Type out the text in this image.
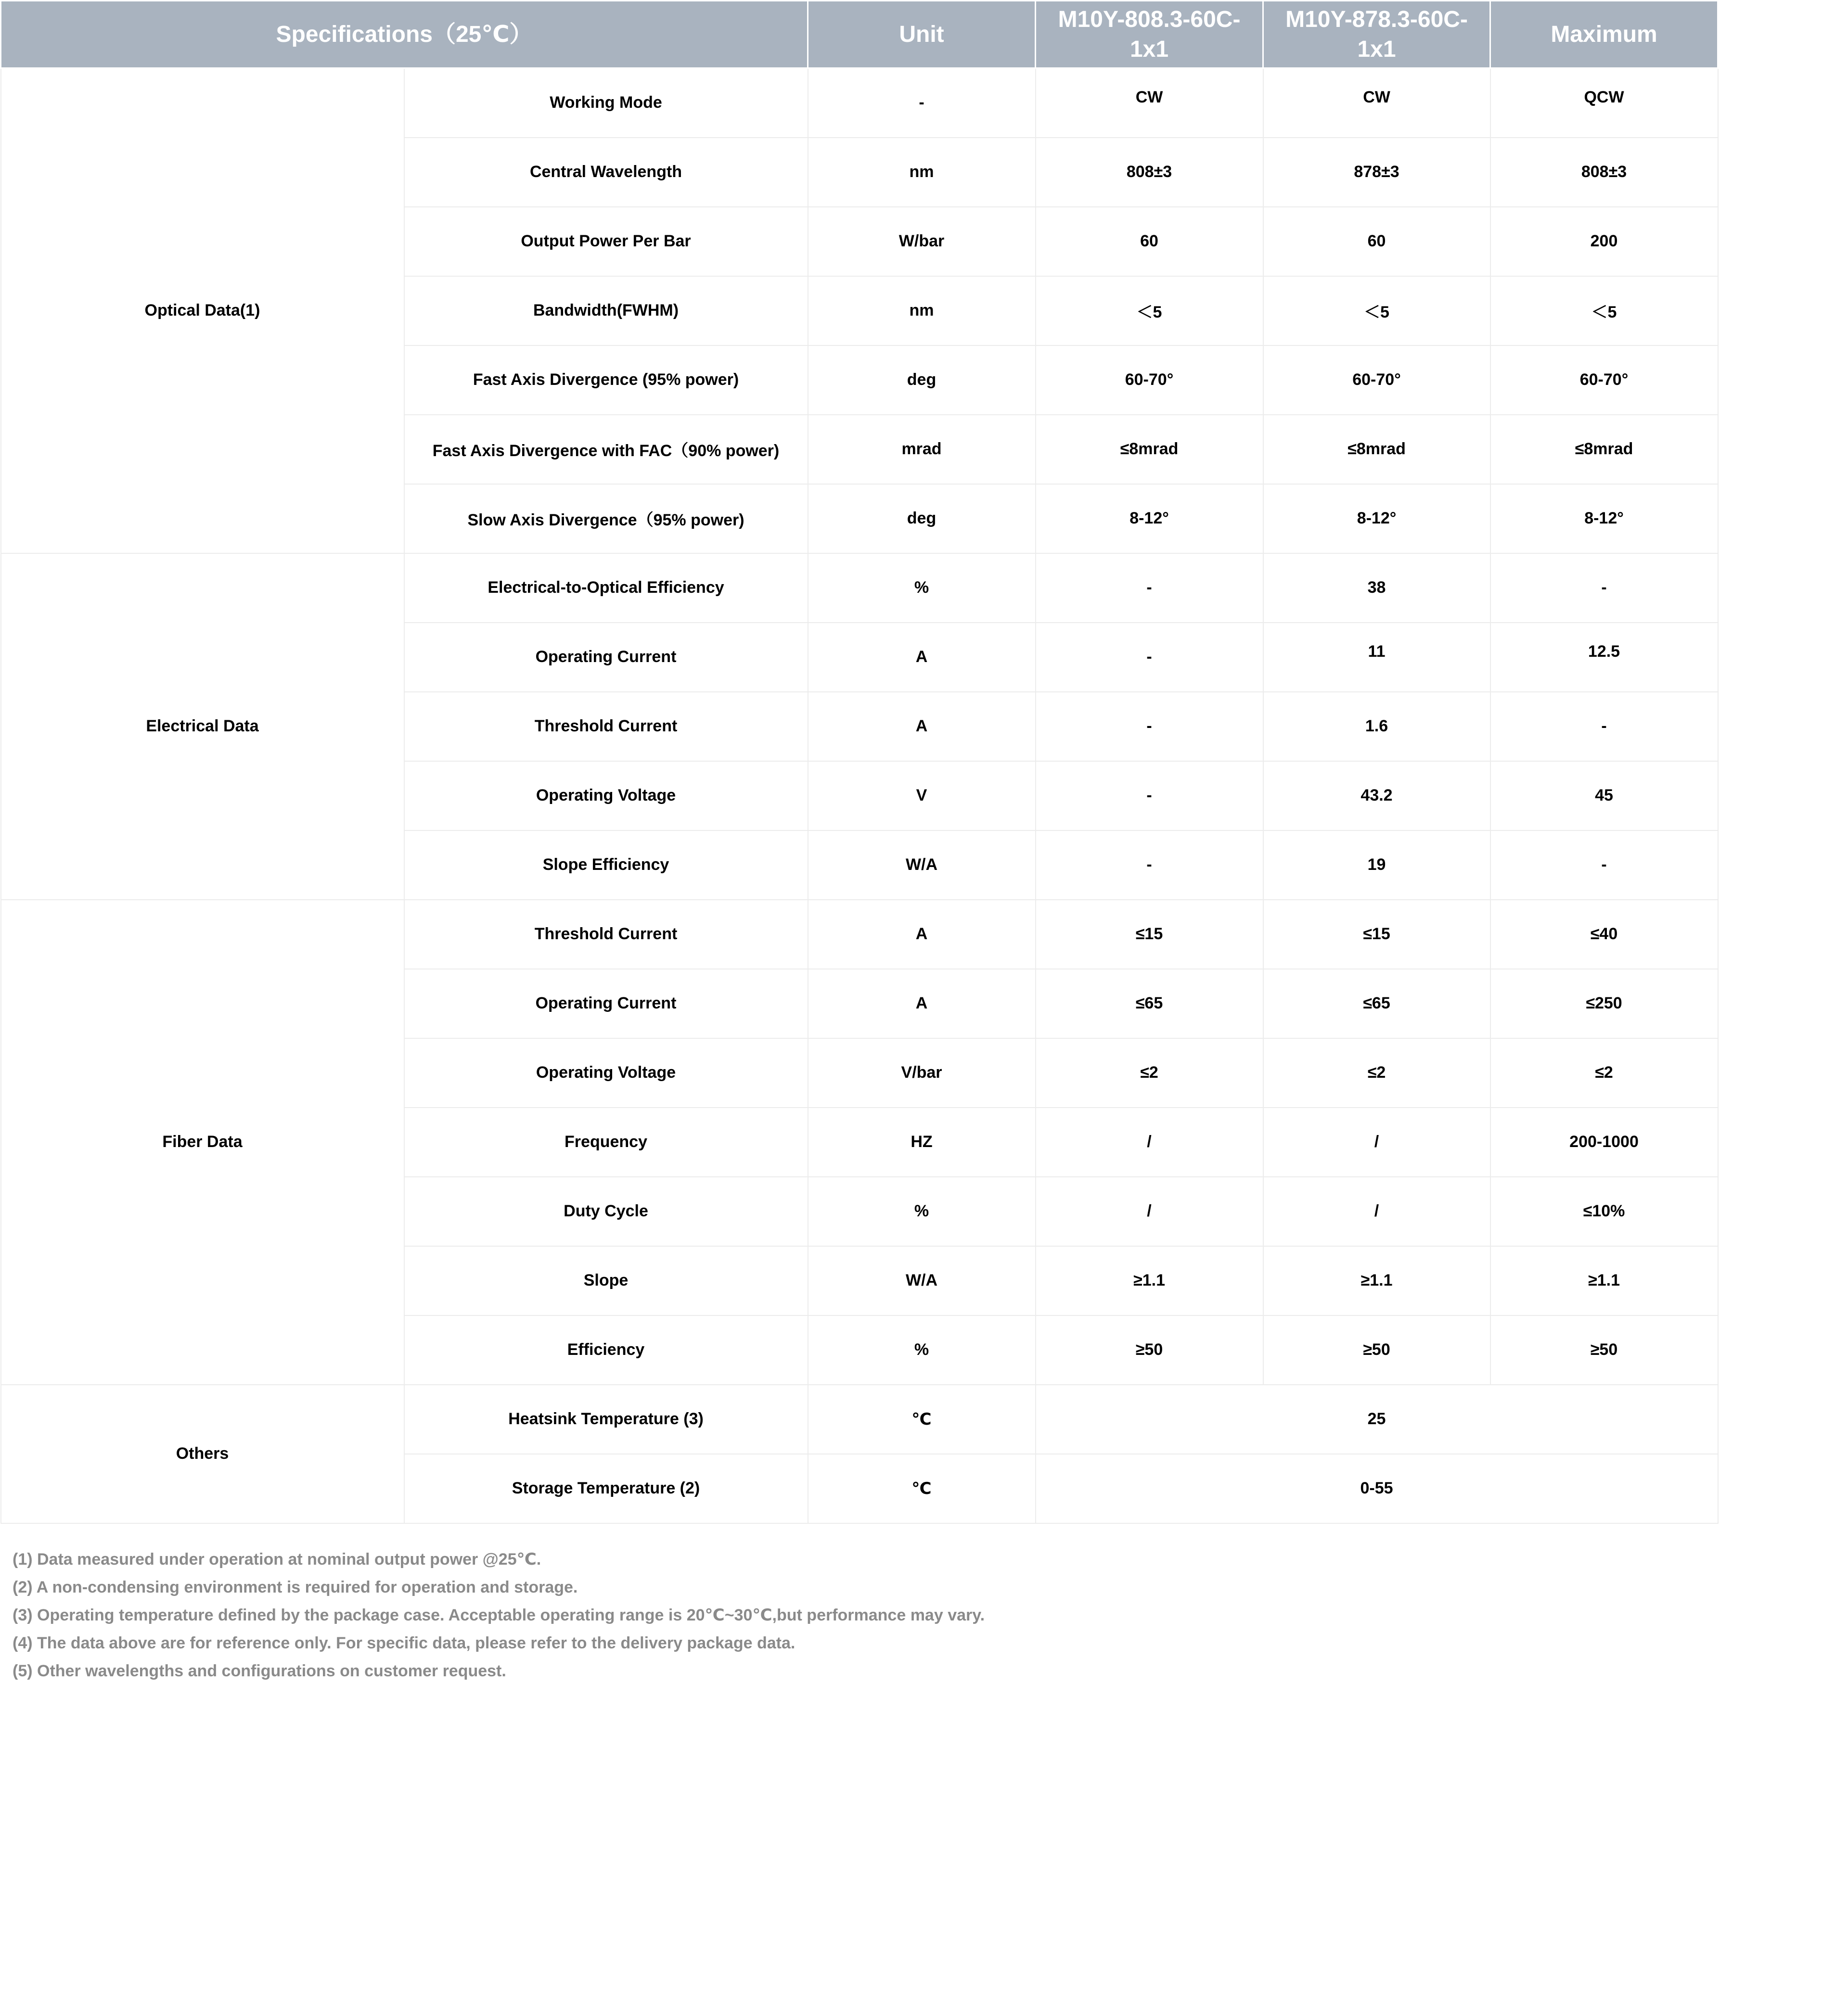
Specifications（25℃）		Unit	M10Y-808.3-60C-1x1	M10Y-878.3-60C-1x1	Maximum
Optical Data(1)	Working Mode	-	CW	CW	QCW
	Central Wavelength	nm	808±3	878±3	808±3
	Output Power Per Bar	W/bar	60	60	200
	Bandwidth(FWHM)	nm	＜5	＜5	＜5
	Fast Axis Divergence (95% power)	deg	60-70°	60-70°	60-70°
	Fast Axis Divergence with FAC（90% power)	mrad	≤8mrad	≤8mrad	≤8mrad
	Slow Axis Divergence（95% power)	deg	8-12°	8-12°	8-12°
Electrical Data	Electrical-to-Optical Efficiency	%	-	38	-
	Operating Current	A	-	11	12.5
	Threshold Current	A	-	1.6	-
	Operating Voltage	V	-	43.2	45
	Slope Efficiency	W/A	-	19	-
Fiber Data	Threshold Current	A	≤15	≤15	≤40
	Operating Current	A	≤65	≤65	≤250
	Operating Voltage	V/bar	≤2	≤2	≤2
	Frequency	HZ	/	/	200-1000
	Duty Cycle	%	/	/	≤10%
	Slope	W/A	≥1.1	≥1.1	≥1.1
	Efficiency	%	≥50	≥50	≥50
Others	Heatsink Temperature (3)	℃	25		
	Storage Temperature (2)	℃	0-55		

(1) Data measured under operation at nominal output power @25℃.

(2) A non-condensing environment is required for operation and storage.

(3) Operating temperature defined by the package case. Acceptable operating range is 20℃~30℃,but performance may vary.

(4) The data above are for reference only. For specific data, please refer to the delivery package data.

(5) Other wavelengths and configurations on customer request.
